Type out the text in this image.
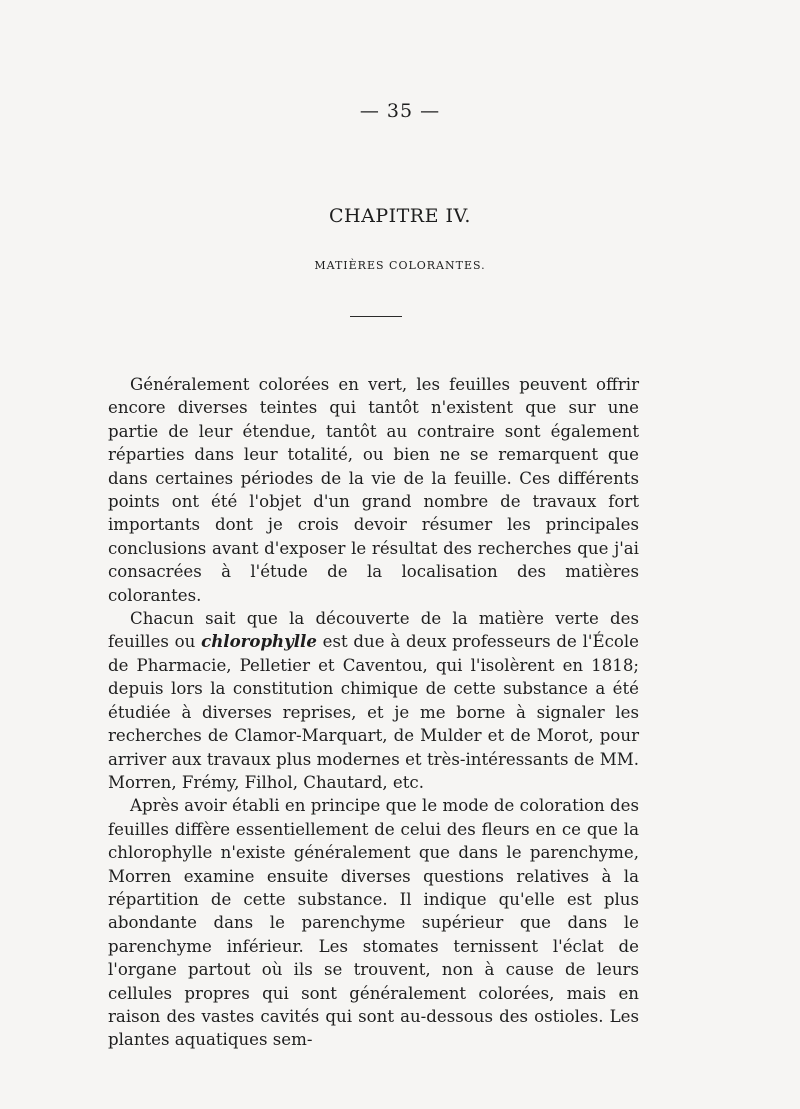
— 35 —
CHAPITRE IV.
MATIÈRES COLORANTES.

Généralement colorées en vert, les feuilles peuvent offrir encore diverses teintes qui tantôt n'existent que sur une partie de leur étendue, tantôt au contraire sont également réparties dans leur totalité, ou bien ne se remarquent que dans certaines périodes de la vie de la feuille. Ces différents points ont été l'objet d'un grand nombre de travaux fort importants dont je crois devoir résumer les principales conclusions avant d'exposer le résultat des recherches que j'ai consacrées à l'étude de la localisation des matières colorantes.

Chacun sait que la découverte de la matière verte des feuilles ou chlorophylle est due à deux professeurs de l'École de Pharmacie, Pelletier et Caventou, qui l'isolèrent en 1818; depuis lors la constitution chimique de cette substance a été étudiée à diverses reprises, et je me borne à signaler les recherches de Clamor-Marquart, de Mulder et de Morot, pour arriver aux travaux plus modernes et très-intéressants de MM. Morren, Frémy, Filhol, Chautard, etc.

Après avoir établi en principe que le mode de coloration des feuilles diffère essentiellement de celui des fleurs en ce que la chlorophylle n'existe généralement que dans le parenchyme, Morren examine ensuite diverses questions relatives à la répartition de cette substance. Il indique qu'elle est plus abondante dans le parenchyme supérieur que dans le parenchyme inférieur. Les stomates ternissent l'éclat de l'organe partout où ils se trouvent, non à cause de leurs cellules propres qui sont généralement colorées, mais en raison des vastes cavités qui sont au-dessous des ostioles. Les plantes aquatiques sem-
